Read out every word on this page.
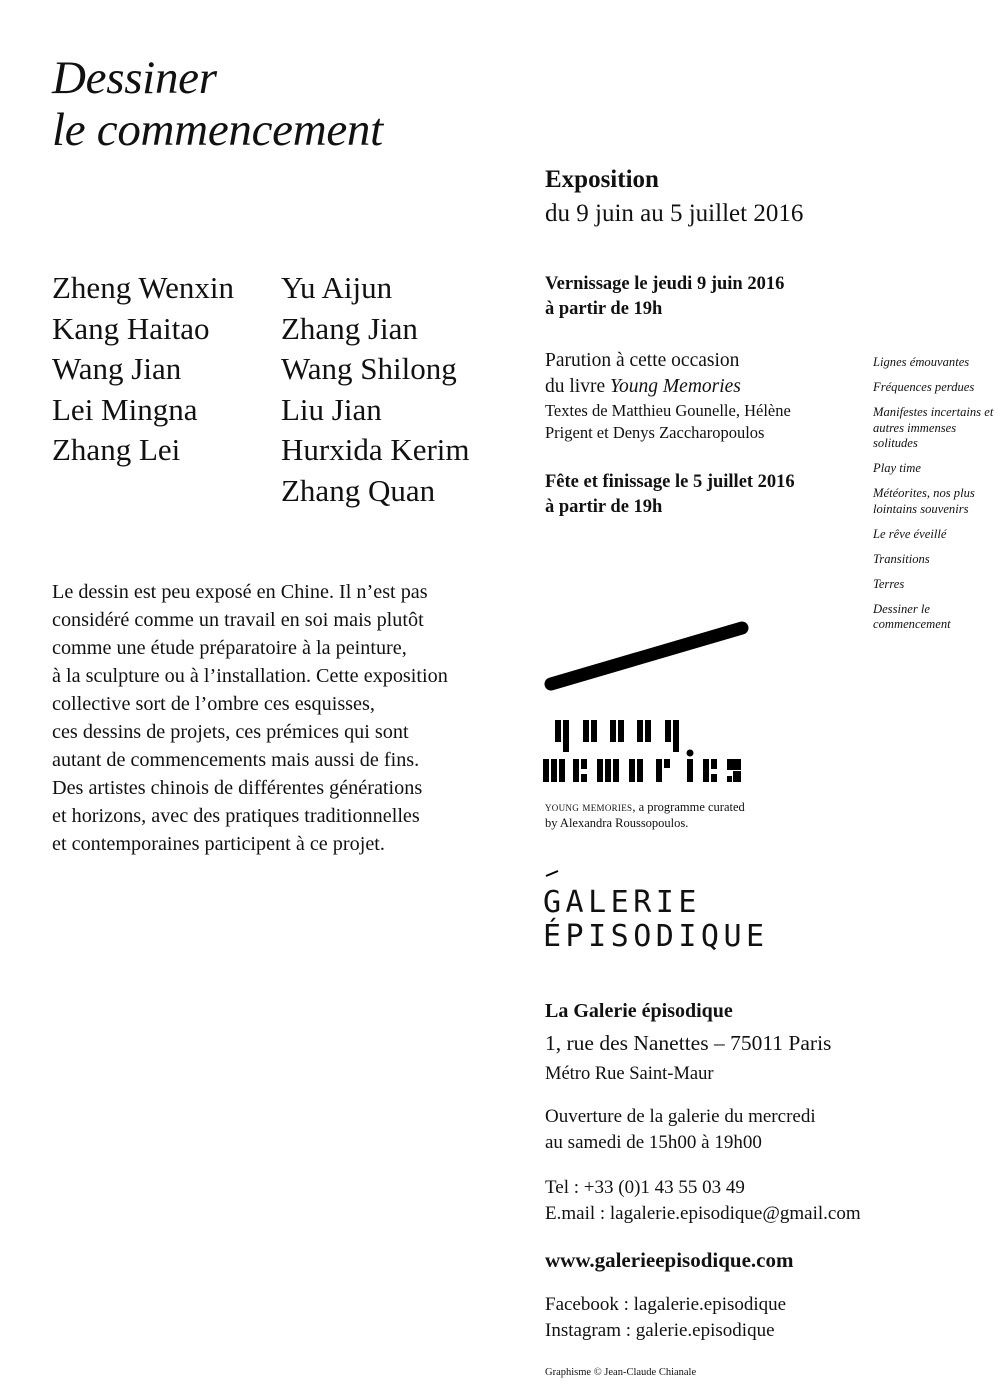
Dessiner
le commencement
Zheng Wenxin
Kang Haitao
Wang Jian
Lei Mingna
Zhang Lei
Yu Aijun
Zhang Jian
Wang Shilong
Liu Jian
Hurxida Kerim
Zhang Quan
Le dessin est peu exposé en Chine. Il n’est pas
considéré comme un travail en soi mais plutôt
comme une étude préparatoire à la peinture,
à la sculpture ou à l’installation. Cette exposition
collective sort de l’ombre ces esquisses,
ces dessins de projets, ces prémices qui sont
autant de commencements mais aussi de fins.
Des artistes chinois de différentes générations
et horizons, avec des pratiques traditionnelles
et contemporaines participent à ce projet.
Exposition
du 9 juin au 5 juillet 2016
Vernissage le jeudi 9 juin 2016
à partir de 19h
Parution à cette occasion
du livre Young Memories
Textes de Matthieu Gounelle, Hélène
Prigent et Denys Zaccharopoulos
Fête et finissage le 5 juillet 2016
à partir de 19h
Lignes émouvantes
Fréquences perdues
Manifestes incertains et autres immenses solitudes
Play time
Météorites, nos plus lointains souvenirs
Le rêve éveillé
Transitions
Terres
Dessiner le commencement
young memories, a programme curated
by Alexandra Roussopoulos.
GALERIE
ÉPISODIQUE
La Galerie épisodique
1, rue des Nanettes – 75011 Paris
Métro Rue Saint-Maur
Ouverture de la galerie du mercredi
au samedi de 15h00 à 19h00
Tel : +33 (0)1 43 55 03 49
E.mail : lagalerie.episodique@gmail.com
www.galerieepisodique.com
Facebook : lagalerie.episodique
Instagram : galerie.episodique
Graphisme © Jean-Claude Chianale
